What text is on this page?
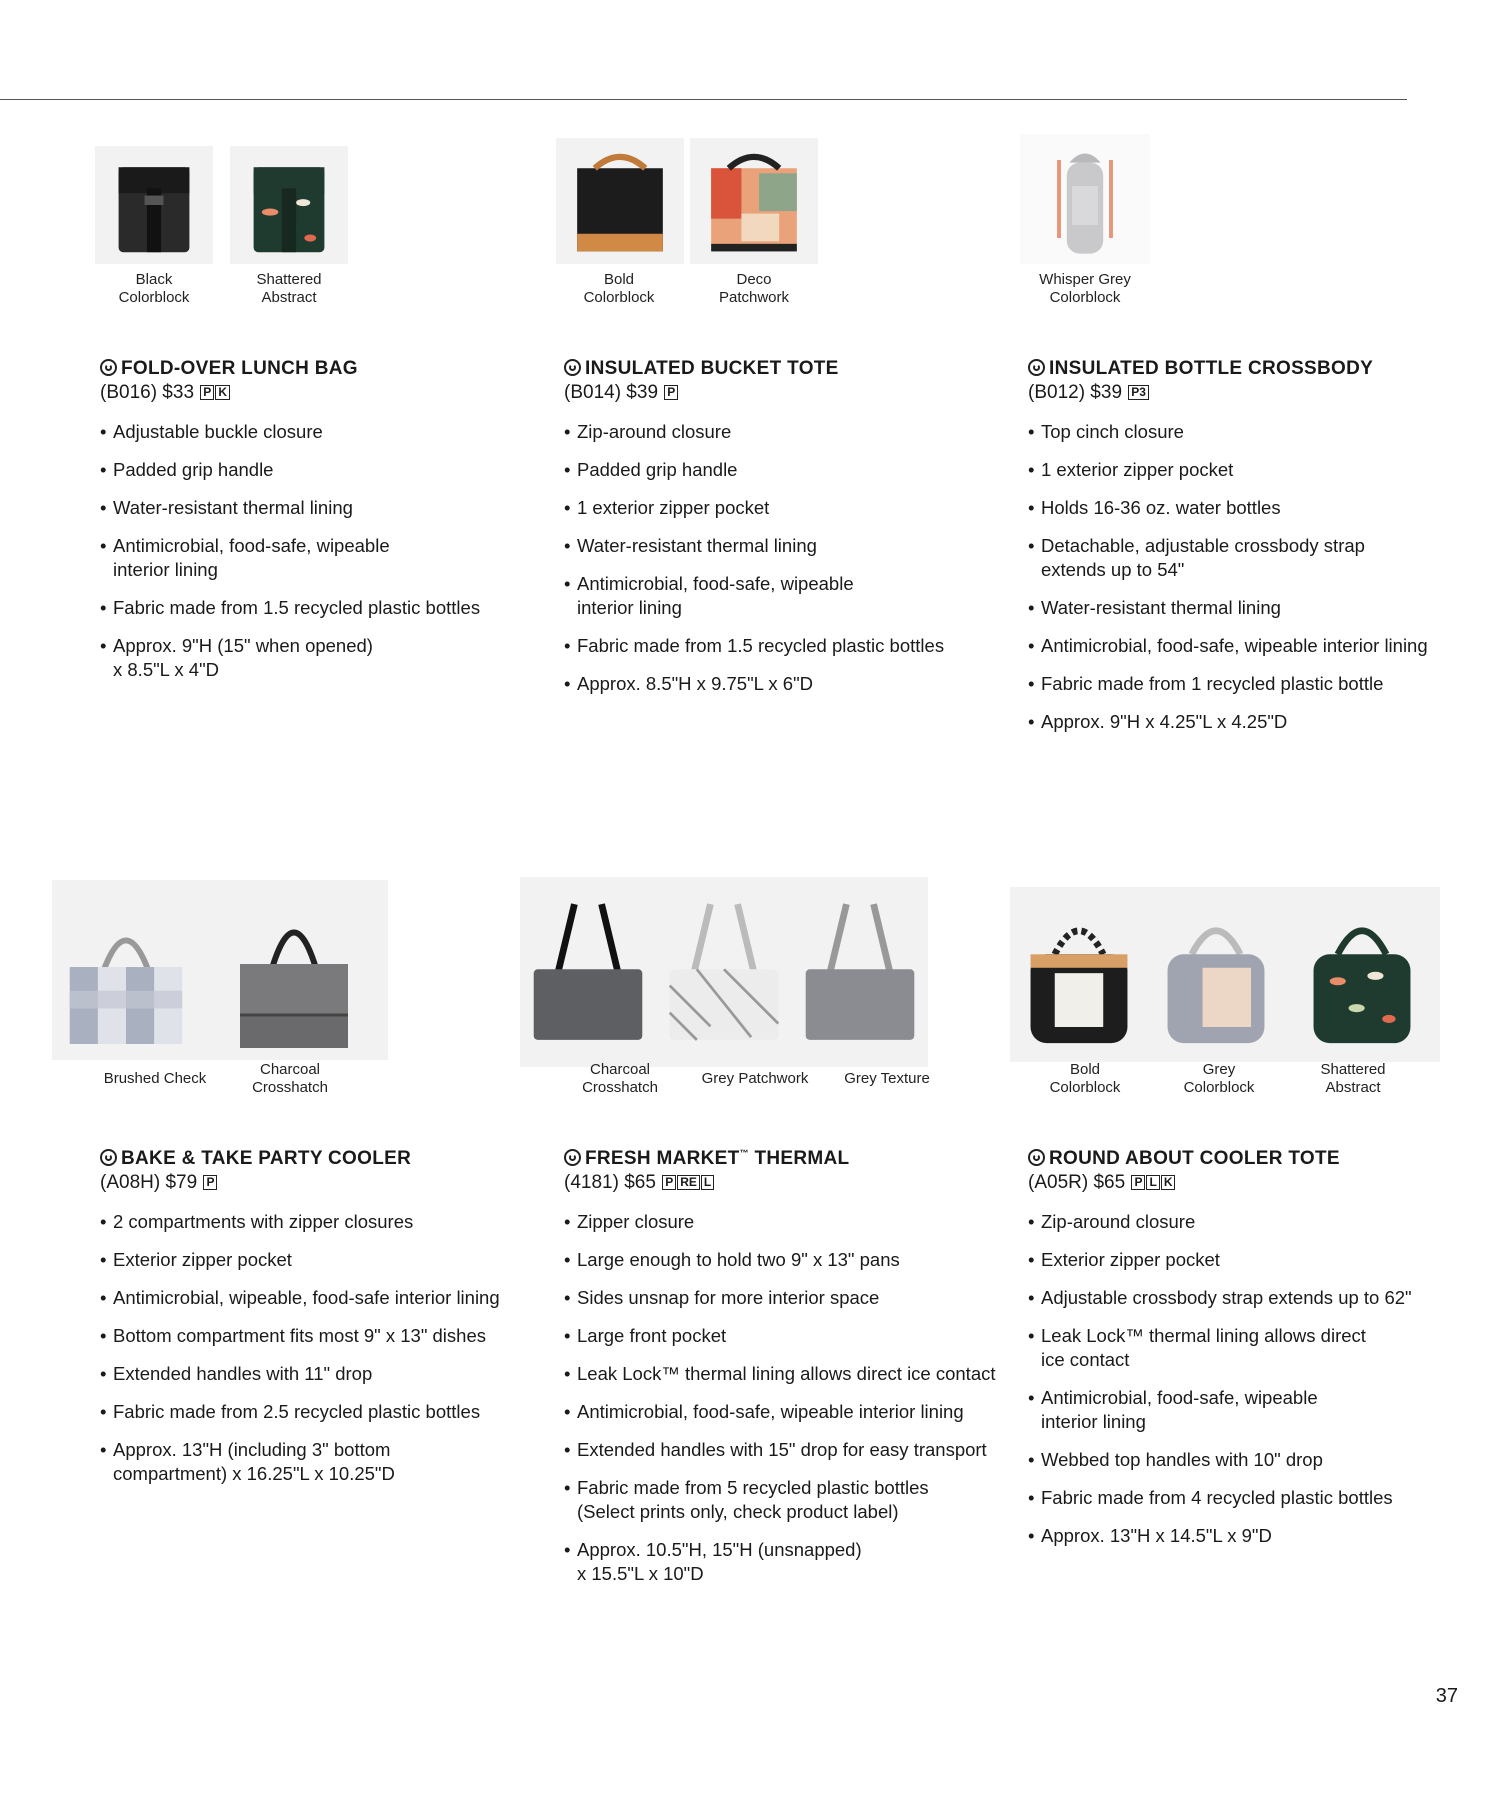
Black
Colorblock
Shattered
Abstract
FOLD-OVER LUNCH BAG
(B016) $33 P K
• Adjustable buckle closure
• Padded grip handle
• Water-resistant thermal lining
• Antimicrobial, food-safe, wipeable
interior lining
• Fabric made from 1.5 recycled plastic bottles
• Approx. 9"H (15" when opened)
x 8.5"L x 4"D
Bold
Colorblock
Deco
Patchwork
INSULATED BUCKET TOTE
(B014) $39 P
• Zip-around closure
• Padded grip handle
• 1 exterior zipper pocket
• Water-resistant thermal lining
• Antimicrobial, food-safe, wipeable
interior lining
• Fabric made from 1.5 recycled plastic bottles
• Approx. 8.5"H x 9.75"L x 6"D
Whisper Grey
Colorblock
INSULATED BOTTLE CROSSBODY
(B012) $39 P3
• Top cinch closure
• 1 exterior zipper pocket
• Holds 16-36 oz. water bottles
• Detachable, adjustable crossbody strap
extends up to 54"
• Water-resistant thermal lining
• Antimicrobial, food-safe, wipeable interior lining
• Fabric made from 1 recycled plastic bottle
• Approx. 9"H x 4.25"L x 4.25"D
Brushed Check
Charcoal
Crosshatch
BAKE & TAKE PARTY COOLER
(A08H) $79 P
• 2 compartments with zipper closures
• Exterior zipper pocket
• Antimicrobial, wipeable, food-safe interior lining
• Bottom compartment fits most 9" x 13" dishes
• Extended handles with 11" drop
• Fabric made from 2.5 recycled plastic bottles
• Approx. 13"H (including 3" bottom
compartment) x 16.25"L x 10.25"D
Charcoal
Crosshatch
Grey Patchwork	Grey Texture
FRESH MARKET™ THERMAL
(4181) $65 P RE L
• Zipper closure
• Large enough to hold two 9" x 13" pans
• Sides unsnap for more interior space
• Large front pocket
• Leak Lock™ thermal lining allows direct ice contact
• Antimicrobial, food-safe, wipeable interior lining
• Extended handles with 15" drop for easy transport
• Fabric made from 5 recycled plastic bottles
(Select prints only, check product label)
• Approx. 10.5"H, 15"H (unsnapped)
x 15.5"L x 10"D
Bold
Colorblock
Grey
Colorblock
Shattered
Abstract
ROUND ABOUT COOLER TOTE
(A05R) $65 P L K
• Zip-around closure
• Exterior zipper pocket
• Adjustable crossbody strap extends up to 62"
• Leak Lock™ thermal lining allows direct
ice contact
• Antimicrobial, food-safe, wipeable
interior lining
• Webbed top handles with 10" drop
• Fabric made from 4 recycled plastic bottles
• Approx. 13"H x 14.5"L x 9"D
37
